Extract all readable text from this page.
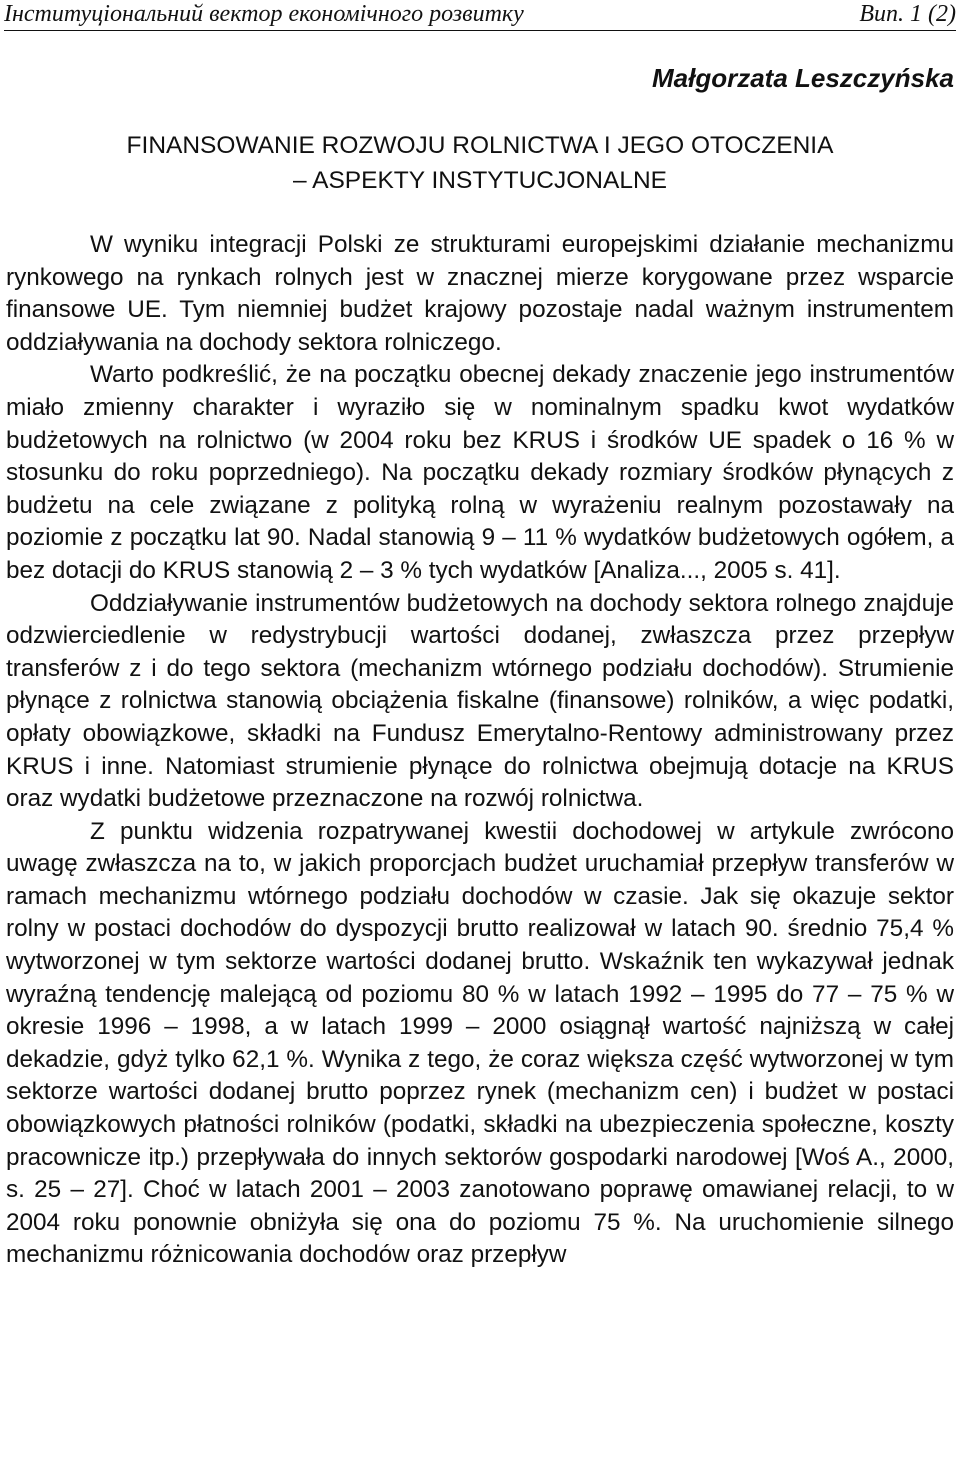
Інституціональний вектор економічного розвитку	Вип. 1 (2)
Małgorzata Leszczyńska
FINANSOWANIE ROZWOJU ROLNICTWA I JEGO OTOCZENIA
– ASPEKTY INSTYTUCJONALNE

W wyniku integracji Polski ze strukturami europejskimi działanie mechanizmu rynkowego na rynkach rolnych jest w znacznej mierze korygowane przez wsparcie finansowe UE. Tym niemniej budżet krajowy pozostaje nadal ważnym instrumentem oddziaływania na dochody sektora rolniczego.

Warto podkreślić, że na początku obecnej dekady znaczenie jego instrumentów miało zmienny charakter i wyraziło się w nominalnym spadku kwot wydatków budżetowych na rolnictwo (w 2004 roku bez KRUS i środków UE spadek o 16 % w stosunku do roku poprzedniego). Na początku dekady rozmiary środków płynących z budżetu na cele związane z polityką rolną w wyrażeniu realnym pozostawały na poziomie z początku lat 90. Nadal stanowią 9 – 11 % wydatków budżetowych ogółem, a bez dotacji do KRUS stanowią 2 – 3 % tych wydatków [Analiza..., 2005 s. 41].

Oddziaływanie instrumentów budżetowych na dochody sektora rolnego znajduje odzwierciedlenie w redystrybucji wartości dodanej, zwłaszcza przez przepływ transferów z i do tego sektora (mechanizm wtórnego podziału dochodów). Strumienie płynące z rolnictwa stanowią obciążenia fiskalne (finansowe) rolników, a więc podatki, opłaty obowiązkowe, składki na Fundusz Emerytalno-Rentowy administrowany przez KRUS i inne. Natomiast strumienie płynące do rolnictwa obejmują dotacje na KRUS oraz wydatki budżetowe przeznaczone na rozwój rolnictwa.

Z punktu widzenia rozpatrywanej kwestii dochodowej w artykule zwrócono uwagę zwłaszcza na to, w jakich proporcjach budżet uruchamiał przepływ transferów w ramach mechanizmu wtórnego podziału dochodów w czasie. Jak się okazuje sektor rolny w postaci dochodów do dyspozycji brutto realizował w latach 90. średnio 75,4 % wytworzonej w tym sektorze wartości dodanej brutto. Wskaźnik ten wykazywał jednak wyraźną tendencję malejącą od poziomu 80 % w latach 1992 – 1995 do 77 – 75 % w okresie 1996 – 1998, a w latach 1999 – 2000 osiągnął wartość najniższą w całej dekadzie, gdyż tylko 62,1 %. Wynika z tego, że coraz większa część wytworzonej w tym sektorze wartości dodanej brutto poprzez rynek (mechanizm cen) i budżet w postaci obowiązkowych płatności rolników (podatki, składki na ubezpieczenia społeczne, koszty pracownicze itp.) przepływała do innych sektorów gospodarki narodowej [Woś A., 2000, s. 25 – 27]. Choć w latach 2001 – 2003 zanotowano poprawę omawianej relacji, to w 2004 roku ponownie obniżyła się ona do poziomu 75 %. Na uruchomienie silnego mechanizmu różnicowania dochodów oraz przepływ
